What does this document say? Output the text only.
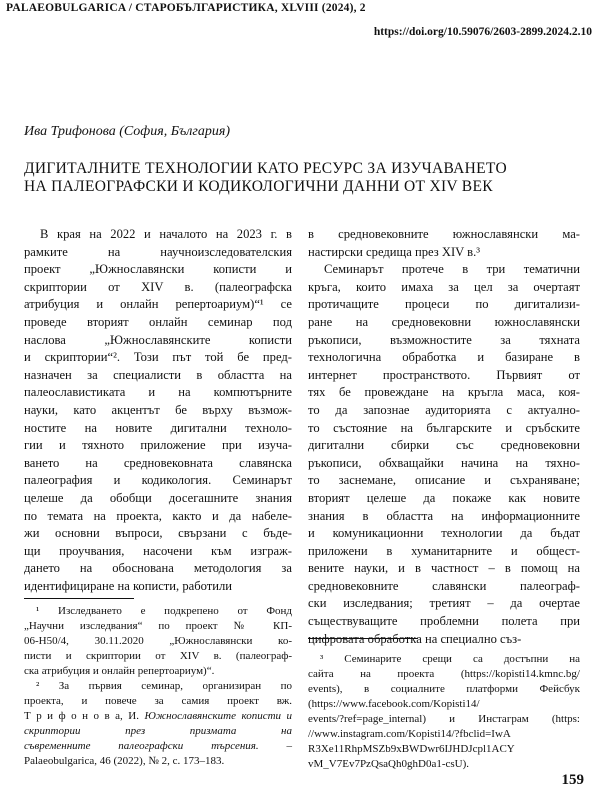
PALAEOBULGARICA / СТАРОБЪЛГАРИСТИКА, XLVIII (2024), 2
https://doi.org/10.59076/2603-2899.2024.2.10
Ива Трифонова (София, България)
ДИГИТАЛНИТЕ ТЕХНОЛОГИИ КАТО РЕСУРС ЗА ИЗУЧАВАНЕТО
НА ПАЛЕОГРАФСКИ И КОДИКОЛОГИЧНИ ДАННИ ОТ XIV ВЕК

В края на 2022 и началото на 2023 г. в рамките на научноизследователския проект „Южнославянски кописти и скриптории от XIV в. (палеографска атрибуция и онлайн репертоариум)“¹ се проведе вторият онлайн семинар под наслова „Южнославянските кописти и скриптории“². Този път той бе пред- назначен за специалисти в областта на палеославистиката и на компютърните науки, като акцентът бе върху възмож- ностите на новите дигитални техноло- гии и тяхното приложение при изуча- ването на средновековната славянска палеография и кодикология. Семинарът целеше да обобщи досегашните знания по темата на проекта, както и да набеле- жи основни въпроси, свързани с бъде- щи проучвания, насочени към изграж- дането на обоснована методология за идентифициране на кописти, работили

в средновековните южнославянски ма- настирски средища през XIV в.³

Семинарът протече в три тематични кръга, които имаха за цел за очертаят протичащите процеси по дигитализи- ране на средновековни южнославянски ръкописи, възможностите за тяхната технологична обработка и базиране в интернет пространството. Първият от тях бе провеждане на кръгла маса, коя- то да запознае аудиторията с актуално- то състояние на българските и сръбските дигитални сбирки със средновековни ръкописи, обхващайки начина на тяхно- то заснемане, описание и съхраняване; вторият целеше да покаже как новите знания в областта на информационните и комуникационни технологии да бъдат приложени в хуманитарните и общест- вените науки, и в частност – в помощ на средновековните славянски палеограф- ски изследвания; третият – да очертае съществуващите проблемни полета при цифровата обработка на специално съз-

¹ Изследването е подкрепено от Фонд „Научни изследвания“ по проект № КП- 06-Н50/4, 30.11.2020 „Южнославянски ко- писти и скриптории от XIV в. (палеограф- ска атрибуция и онлайн репертоариум)“.

² За първия семинар, организиран по проекта, и повече за самия проект вж. Т р и ф о н о в а, И. Южнославянските кописти и скриптории през призмата на съвременните палеографски търсения. – Palaeobulgarica, 46 (2022), № 2, с. 173–183.

³ Семинарите срещи са достъпни на сайта на проекта (https://kopisti14.kmnc.bg/ events), в социалните платформи Фейсбук (https://www.facebook.com/Kopisti14/ events/?ref=page_internal) и Инстаграм (https: //www.instagram.com/Kopisti14/?fbclid=IwA R3Xe11RhpMSZb9xBWDwr6IJHDJcpl1ACY vM_V7Ev7PzQsaQh0ghD0a1-csU).

159
